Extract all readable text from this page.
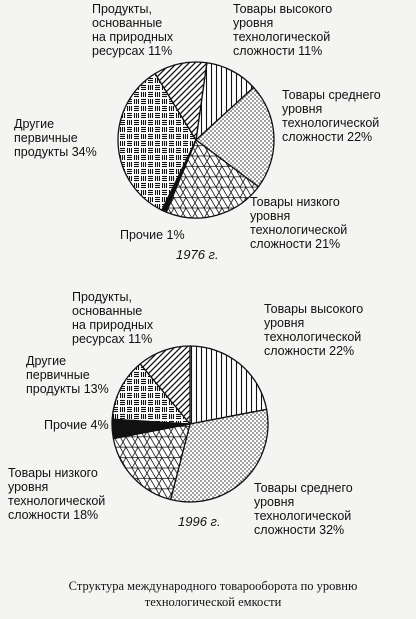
Продукты,
основанные
на природных
ресурсах 11%
Товары высокого
уровня
технологической
сложности 11%
Товары среднего
уровня
технологической
сложности 22%
Товары низкого
уровня
технологической
сложности 21%
Прочие 1%
Другие
первичные
продукты 34%
1976 г.
Продукты,
основанные
на природных
ресурсах 11%
Товары высокого
уровня
технологической
сложности 22%
Другие
первичные
продукты 13%
Прочие 4%
Товары низкого
уровня
технологической
сложности 18%
Товары среднего
уровня
технологической
сложности 32%
1996 г.
Структура международного товарооборота по уровню
технологической емкости
